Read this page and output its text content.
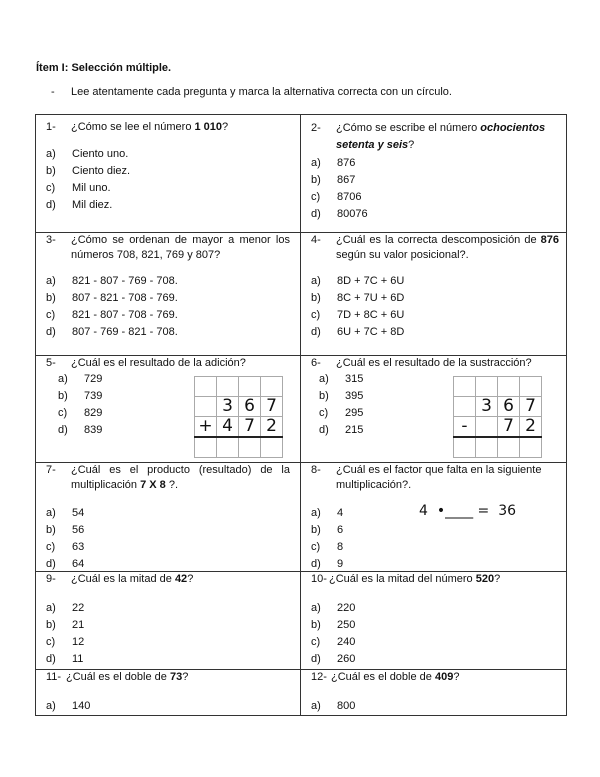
Ítem I: Selección múltiple.
- Lee atentamente cada pregunta y marca la alternativa correcta con un círculo.
1-	¿Cómo se lee el número 1 010?
a)	Ciento uno.
b)	Ciento diez.
c)	Mil uno.
d)	Mil diez.
2-	¿Cómo se escribe el número ochocientos setenta y seis?
a)	876
b)	867
c)	8706
d)	80076
3-	¿Cómo se ordenan de mayor a menor los números 708, 821, 769 y 807?
a)	821 - 807 - 769 - 708.
b)	807 - 821 - 708 - 769.
c)	821 - 807 - 708 - 769.
d)	807 - 769 - 821 - 708.
4-	¿Cuál es la correcta descomposición de 876 según su valor posicional?.
a)	8D + 7C + 6U
b)	8C + 7U + 6D
c)	7D + 8C + 6U
d)	6U + 7C + 8D
5-	¿Cuál es el resultado de la adición?
a)	729
b)	739
c)	829
d)	839

	3	6	7
+	4	7	2

6-	¿Cuál es el resultado de la sustracción?
a)	315
b)	395
c)	295
d)	215

	3	6	7
-		7	2

7-	¿Cuál es el producto (resultado) de la multiplicación 7 X 8 ?.
a)	54
b)	56
c)	63
d)	64
8-	¿Cuál es el factor que falta en la siguiente multiplicación?.
a)	4
b)	6
c)	8
d)	9
4 •____ = 36
9-	¿Cuál es la mitad de 42?
a)	22
b)	21
c)	12
d)	11
10- ¿Cuál es la mitad del número 520?
a)	220
b)	250
c)	240
d)	260
11- ¿Cuál es el doble de 73?
a)	140
12- ¿Cuál es el doble de 409?
a)	800
